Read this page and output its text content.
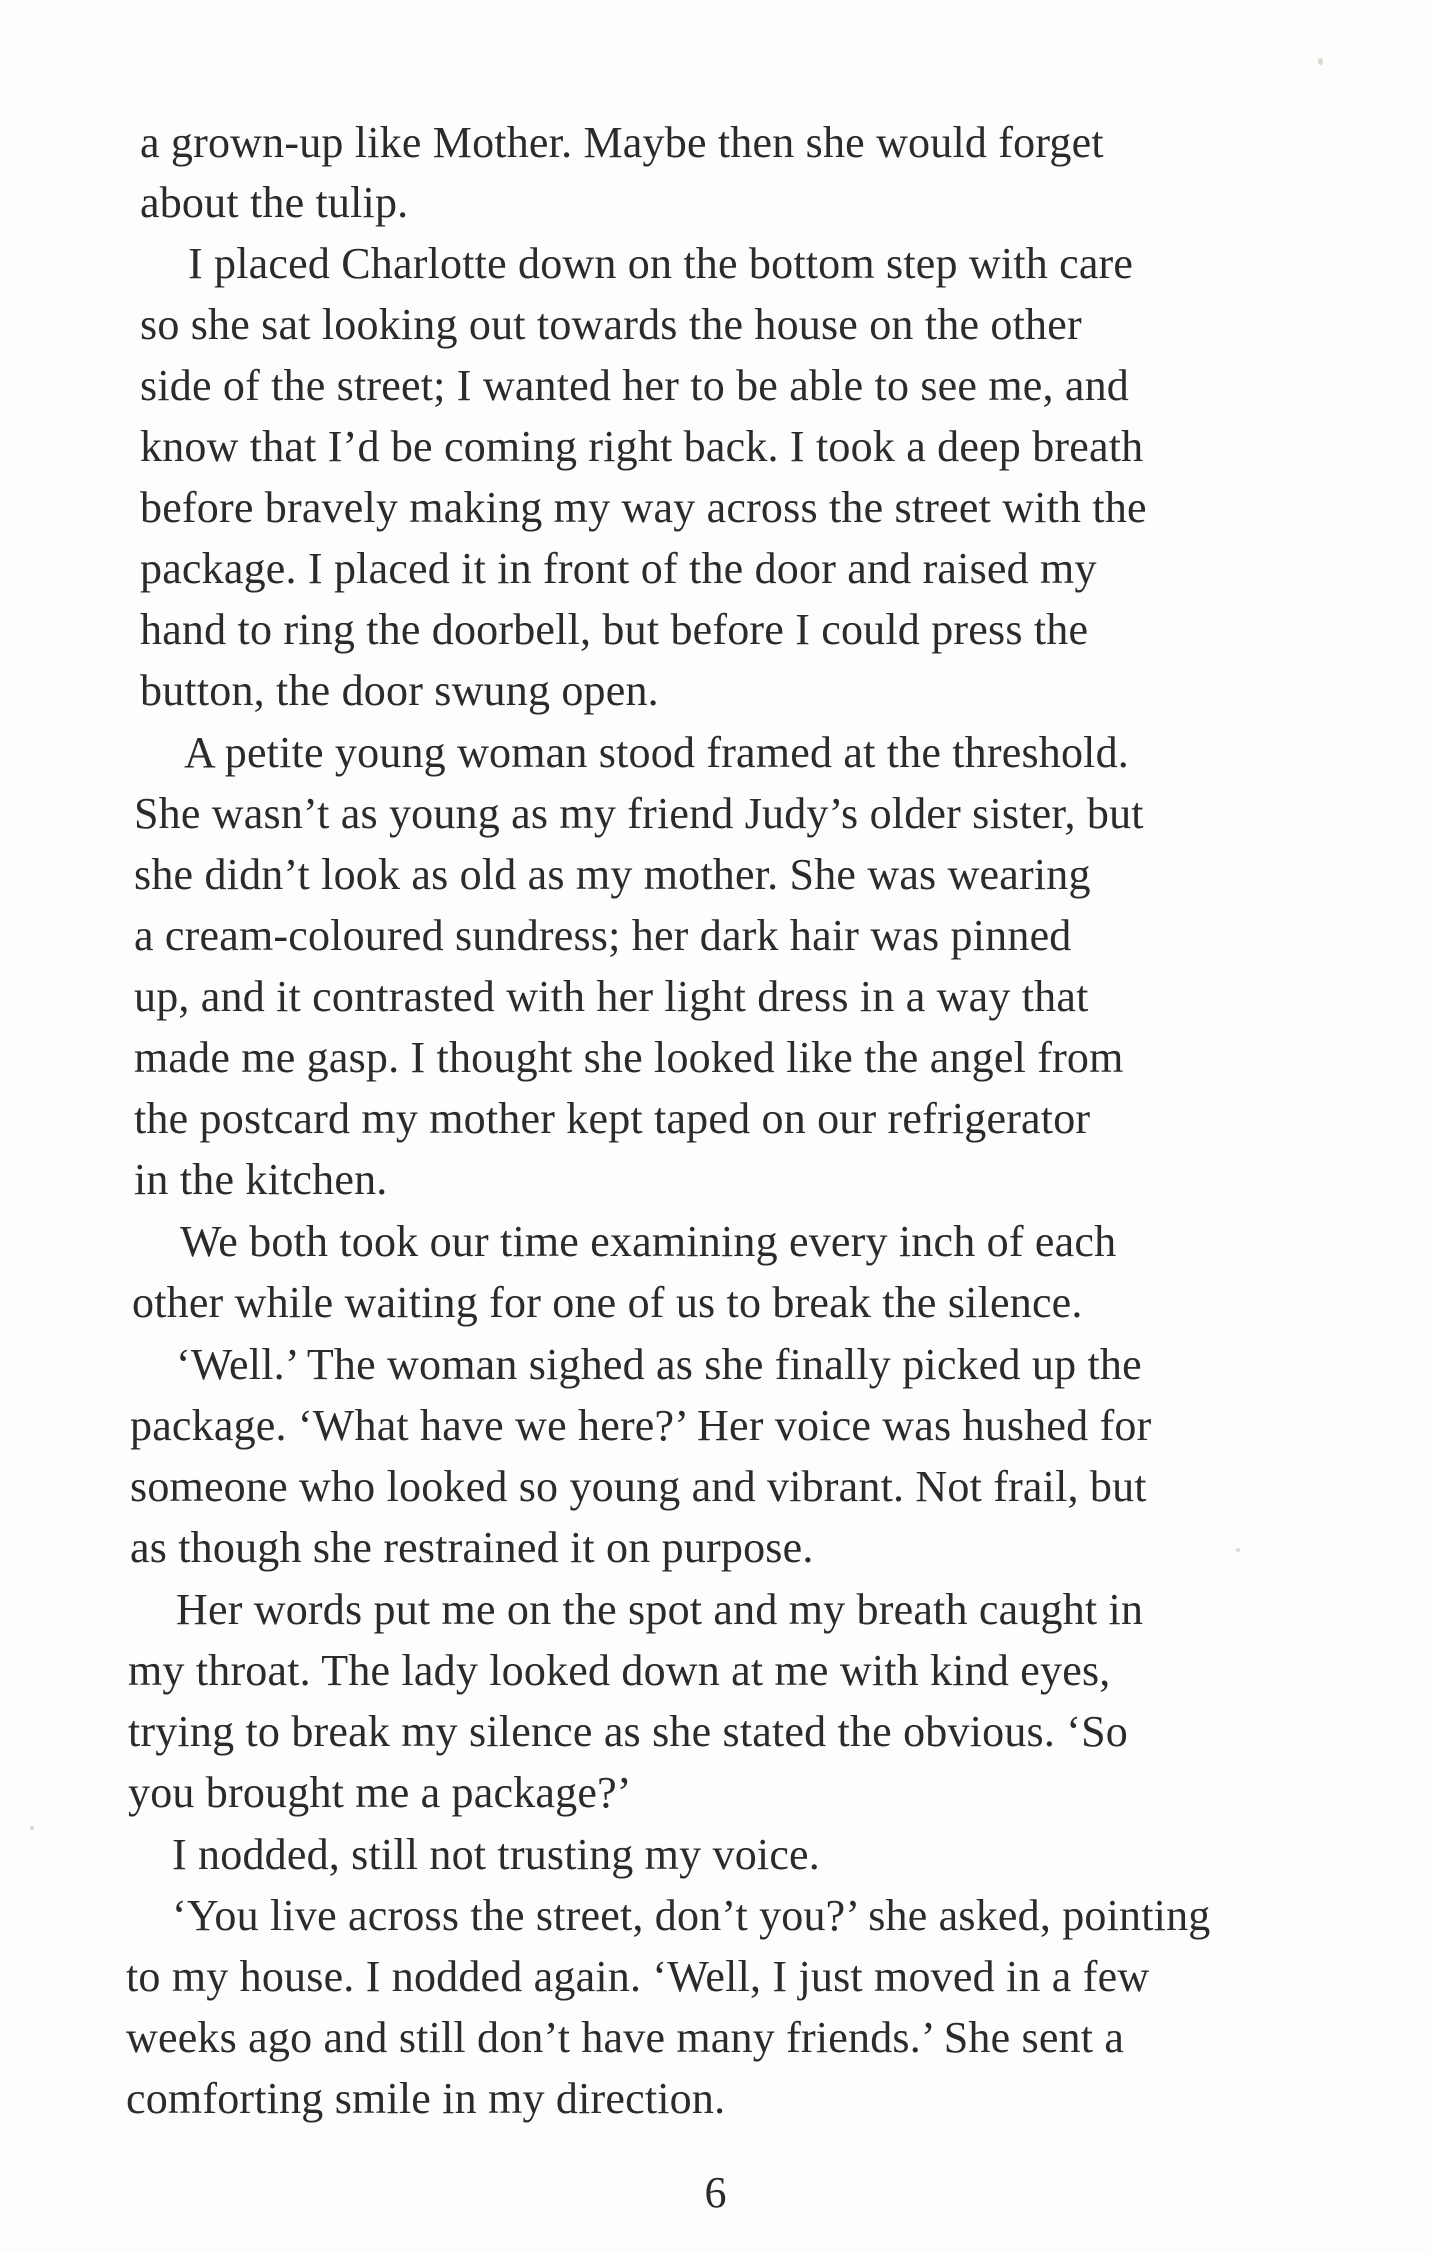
a grown-up like Mother. Maybe then she would forget
about the tulip.
I placed Charlotte down on the bottom step with care
so she sat looking out towards the house on the other
side of the street; I wanted her to be able to see me, and
know that I’d be coming right back. I took a deep breath
before bravely making my way across the street with the
package. I placed it in front of the door and raised my
hand to ring the doorbell, but before I could press the
button, the door swung open.
A petite young woman stood framed at the threshold.
She wasn’t as young as my friend Judy’s older sister, but
she didn’t look as old as my mother. She was wearing
a cream-coloured sundress; her dark hair was pinned
up, and it contrasted with her light dress in a way that
made me gasp. I thought she looked like the angel from
the postcard my mother kept taped on our refrigerator
in the kitchen.
We both took our time examining every inch of each
other while waiting for one of us to break the silence.
‘Well.’ The woman sighed as she finally picked up the
package. ‘What have we here?’ Her voice was hushed for
someone who looked so young and vibrant. Not frail, but
as though she restrained it on purpose.
Her words put me on the spot and my breath caught in
my throat. The lady looked down at me with kind eyes,
trying to break my silence as she stated the obvious. ‘So
you brought me a package?’
I nodded, still not trusting my voice.
‘You live across the street, don’t you?’ she asked, pointing
to my house. I nodded again. ‘Well, I just moved in a few
weeks ago and still don’t have many friends.’ She sent a
comforting smile in my direction.
6
